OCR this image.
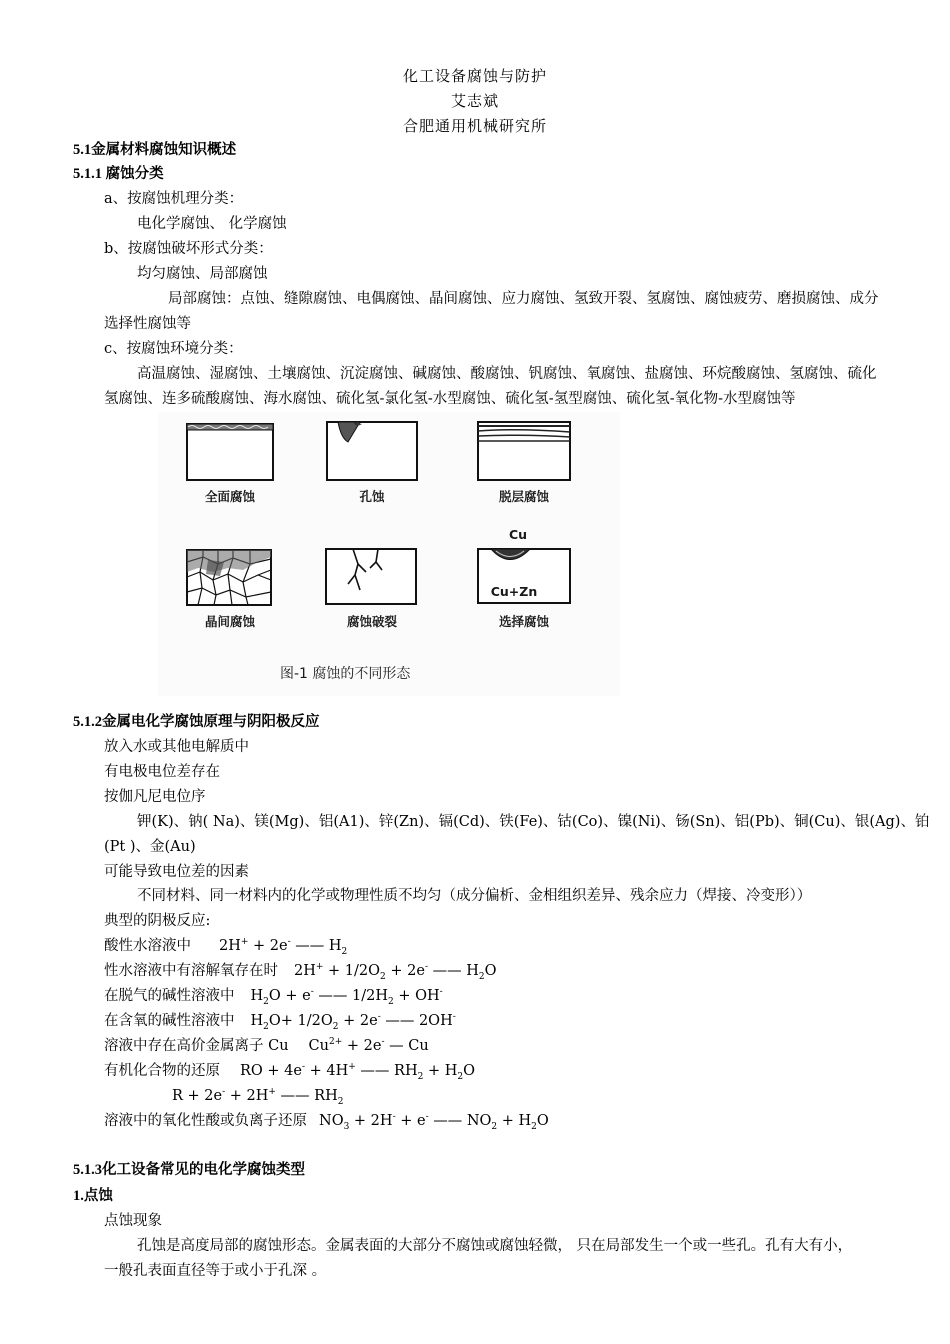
化工设备腐蚀与防护
艾志斌
合肥通用机械研究所
5.1金属材料腐蚀知识概述
5.1.1 腐蚀分类
a、按腐蚀机理分类：
电化学腐蚀、 化学腐蚀
b、按腐蚀破坏形式分类：
均匀腐蚀、局部腐蚀
局部腐蚀：点蚀、缝隙腐蚀、电偶腐蚀、晶间腐蚀、应力腐蚀、氢致开裂、氢腐蚀、腐蚀疲劳、磨损腐蚀、成分
选择性腐蚀等
c、按腐蚀环境分类：
高温腐蚀、湿腐蚀、土壤腐蚀、沉淀腐蚀、碱腐蚀、酸腐蚀、钒腐蚀、氧腐蚀、盐腐蚀、环烷酸腐蚀、氢腐蚀、硫化
氢腐蚀、连多硫酸腐蚀、海水腐蚀、硫化氢-氯化氢-水型腐蚀、硫化氢-氢型腐蚀、硫化氢-氧化物-水型腐蚀等
Cu
Cu+Zn
全面腐蚀	孔蚀	脱层腐蚀
晶间腐蚀	腐蚀破裂	选择腐蚀
图-1 腐蚀的不同形态
5.1.2金属电化学腐蚀原理与阴阳极反应
放入水或其他电解质中
有电极电位差存在
按伽凡尼电位序
钾(K)、钠( Na)、镁(Mg)、铝(A1)、锌(Zn)、镉(Cd)、铁(Fe)、钴(Co)、镍(Ni)、钖(Sn)、铝(Pb)、铜(Cu)、银(Ag)、铂
(Pt )、金(Au)
可能导致电位差的因素
不同材料、同一材料内的化学或物理性质不均匀（成分偏析、金相组织差异、残余应力（焊接、冷变形））
典型的阴极反应:
酸性水溶液中 2H+ + 2e- —— $H_2$
性水溶液中有溶解氧存在时 $2H^+ + 1/2O_2 + 2e^-$ —— $H_2O$
在脱气的碱性溶液中 $H_2O + e^-$ —— $1/2H_2 + OH^-$
在含氧的碱性溶液中 $H_2O+ 1/2O_2 + 2e^-$ —— 2OH-
溶液中存在高价金属离子 Cu $Cu^{2+} + 2e^-$ — Cu
有机化合物的还原 RO + 4e- + 4H+ —— $RH_2 + H_2O$
R + 2e- + 2H+ —— $RH_2$
溶液中的氧化性酸或负离子还原 $NO_3 + 2H^- + e^-$ —— $NO_2 + H_2O$
5.1.3化工设备常见的电化学腐蚀类型
1.点蚀
点蚀现象
孔蚀是高度局部的腐蚀形态。金属表面的大部分不腐蚀或腐蚀轻微， 只在局部发生一个或一些孔。孔有大有小，
一般孔表面直径等于或小于孔深 。
